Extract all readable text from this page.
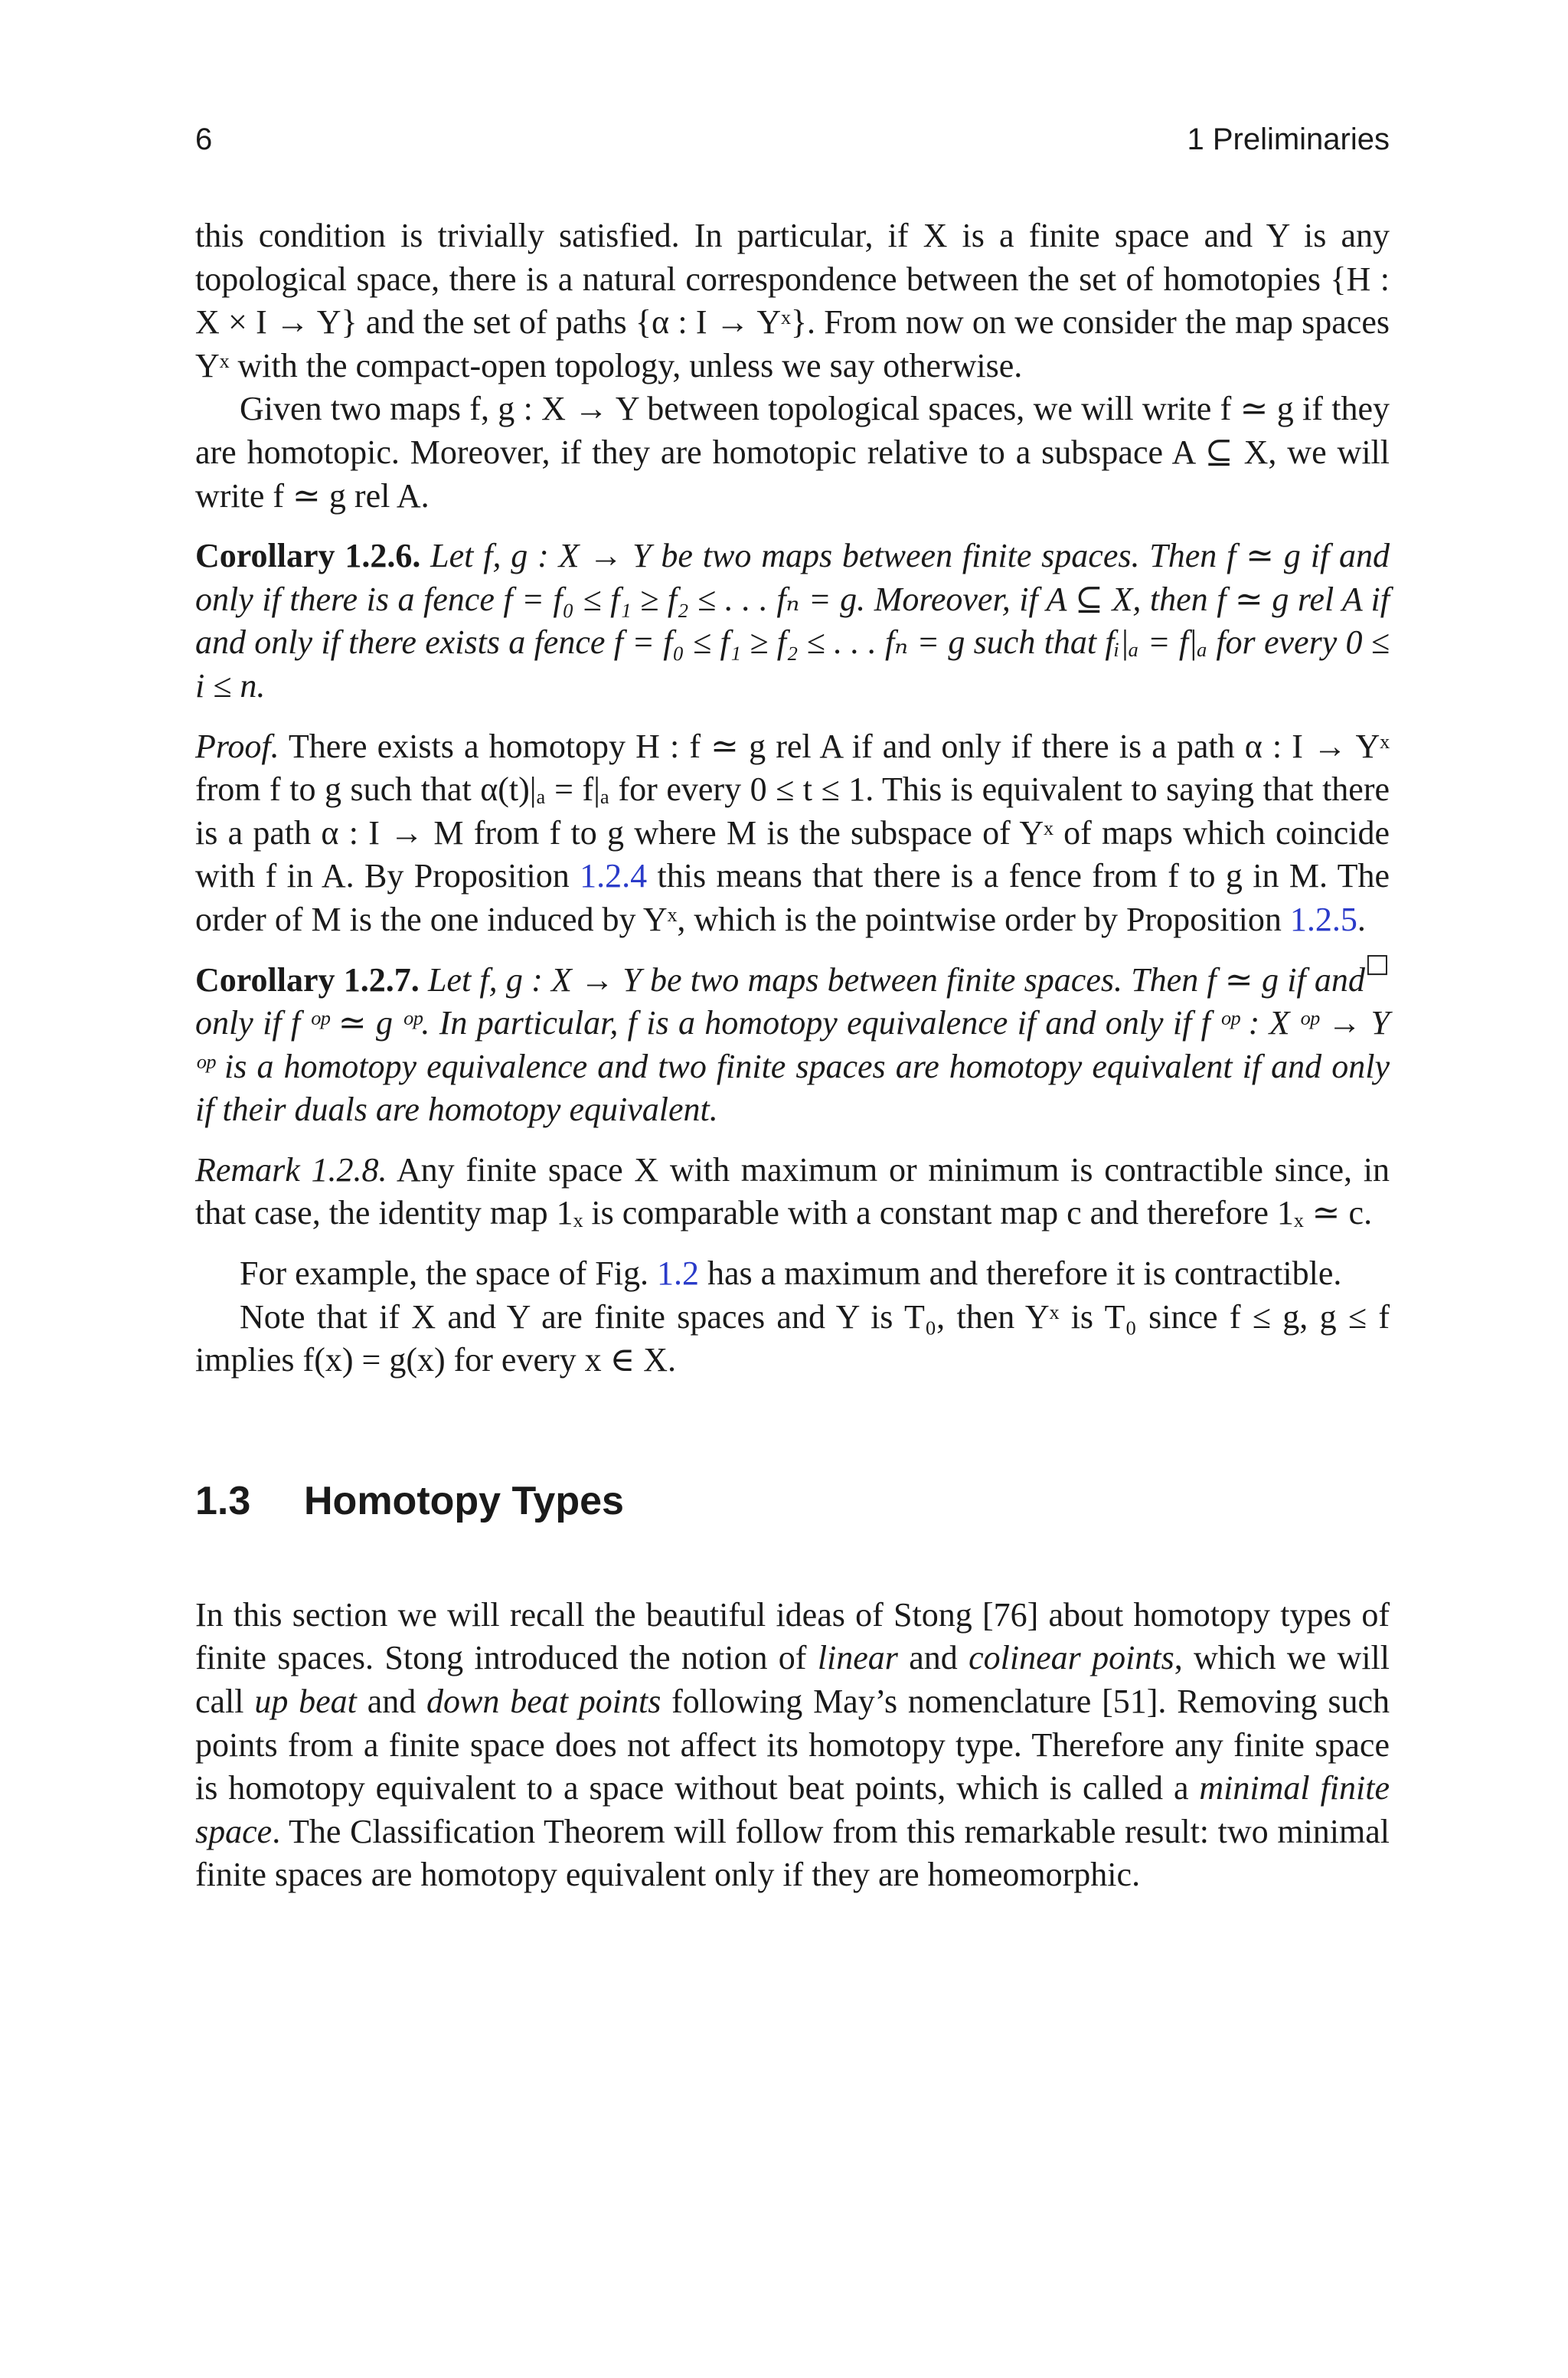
6	1 Preliminaries

this condition is trivially satisfied. In particular, if X is a finite space and Y is any topological space, there is a natural correspondence between the set of homotopies {H : X × I → Y} and the set of paths {α : I → Yˣ}. From now on we consider the map spaces Yˣ with the compact-open topology, unless we say otherwise.

Given two maps f, g : X → Y between topological spaces, we will write f ≃ g if they are homotopic. Moreover, if they are homotopic relative to a subspace A ⊆ X, we will write f ≃ g rel A.

Corollary 1.2.6. Let f, g : X → Y be two maps between finite spaces. Then f ≃ g if and only if there is a fence f = f₀ ≤ f₁ ≥ f₂ ≤ . . . fₙ = g. Moreover, if A ⊆ X, then f ≃ g rel A if and only if there exists a fence f = f₀ ≤ f₁ ≥ f₂ ≤ . . . fₙ = g such that fᵢ|ₐ = f|ₐ for every 0 ≤ i ≤ n.

Proof. There exists a homotopy H : f ≃ g rel A if and only if there is a path α : I → Yˣ from f to g such that α(t)|ₐ = f|ₐ for every 0 ≤ t ≤ 1. This is equivalent to saying that there is a path α : I → M from f to g where M is the subspace of Yˣ of maps which coincide with f in A. By Proposition 1.2.4 this means that there is a fence from f to g in M. The order of M is the one induced by Yˣ, which is the pointwise order by Proposition 1.2.5.
□

Corollary 1.2.7. Let f, g : X → Y be two maps between finite spaces. Then f ≃ g if and only if f ᵒᵖ ≃ g ᵒᵖ. In particular, f is a homotopy equivalence if and only if f ᵒᵖ : X ᵒᵖ → Y ᵒᵖ is a homotopy equivalence and two finite spaces are homotopy equivalent if and only if their duals are homotopy equivalent.

Remark 1.2.8. Any finite space X with maximum or minimum is contractible since, in that case, the identity map 1ₓ is comparable with a constant map c and therefore 1ₓ ≃ c.

For example, the space of Fig. 1.2 has a maximum and therefore it is contractible.

Note that if X and Y are finite spaces and Y is T₀, then Yˣ is T₀ since f ≤ g, g ≤ f implies f(x) = g(x) for every x ∈ X.

1.3 Homotopy Types

In this section we will recall the beautiful ideas of Stong [76] about homotopy types of finite spaces. Stong introduced the notion of linear and colinear points, which we will call up beat and down beat points following May’s nomenclature [51]. Removing such points from a finite space does not affect its homotopy type. Therefore any finite space is homotopy equivalent to a space without beat points, which is called a minimal finite space. The Classification Theorem will follow from this remarkable result: two minimal finite spaces are homotopy equivalent only if they are homeomorphic.
